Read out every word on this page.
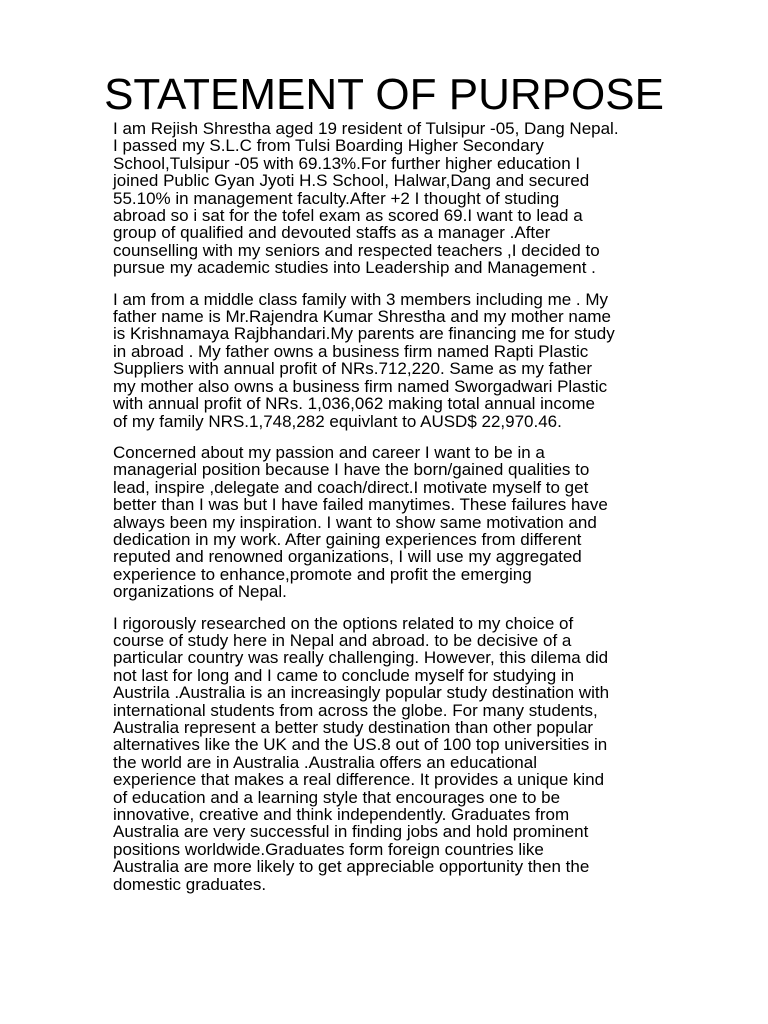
STATEMENT OF PURPOSE

I am Rejish Shrestha aged 19 resident of Tulsipur -05, Dang Nepal.
I passed my S.L.C from Tulsi Boarding Higher Secondary
School,Tulsipur -05 with 69.13%.For further higher education I
joined Public Gyan Jyoti H.S School, Halwar,Dang and secured
55.10% in management faculty.After +2 I thought of studing
abroad so i sat for the tofel exam as scored 69.I want to lead a
group of qualified and devouted staffs as a manager .After
counselling with my seniors and respected teachers ,I decided to
pursue my academic studies into Leadership and Management .

I am from a middle class family with 3 members including me . My
father name is Mr.Rajendra Kumar Shrestha and my mother name
is Krishnamaya Rajbhandari.My parents are financing me for study
in abroad . My father owns a business firm named Rapti Plastic
Suppliers with annual profit of NRs.712,220. Same as my father
my mother also owns a business firm named Sworgadwari Plastic
with annual profit of NRs. 1,036,062 making total annual income
of my family NRS.1,748,282 equivlant to AUSD$ 22,970.46.

Concerned about my passion and career I want to be in a
managerial position because I have the born/gained qualities to
lead, inspire ,delegate and coach/direct.I motivate myself to get
better than I was but I have failed manytimes. These failures have
always been my inspiration. I want to show same motivation and
dedication in my work. After gaining experiences from different
reputed and renowned organizations, I will use my aggregated
experience to enhance,promote and profit the emerging
organizations of Nepal.

I rigorously researched on the options related to my choice of
course of study here in Nepal and abroad. to be decisive of a
particular country was really challenging. However, this dilema did
not last for long and I came to conclude myself for studying in
Austrila .Australia is an increasingly popular study destination with
international students from across the globe. For many students,
Australia represent a better study destination than other popular
alternatives like the UK and the US.8 out of 100 top universities in
the world are in Australia .Australia offers an educational
experience that makes a real difference. It provides a unique kind
of education and a learning style that encourages one to be
innovative, creative and think independently. Graduates from
Australia are very successful in finding jobs and hold prominent
positions worldwide.Graduates form foreign countries like
Australia are more likely to get appreciable opportunity then the
domestic graduates.
